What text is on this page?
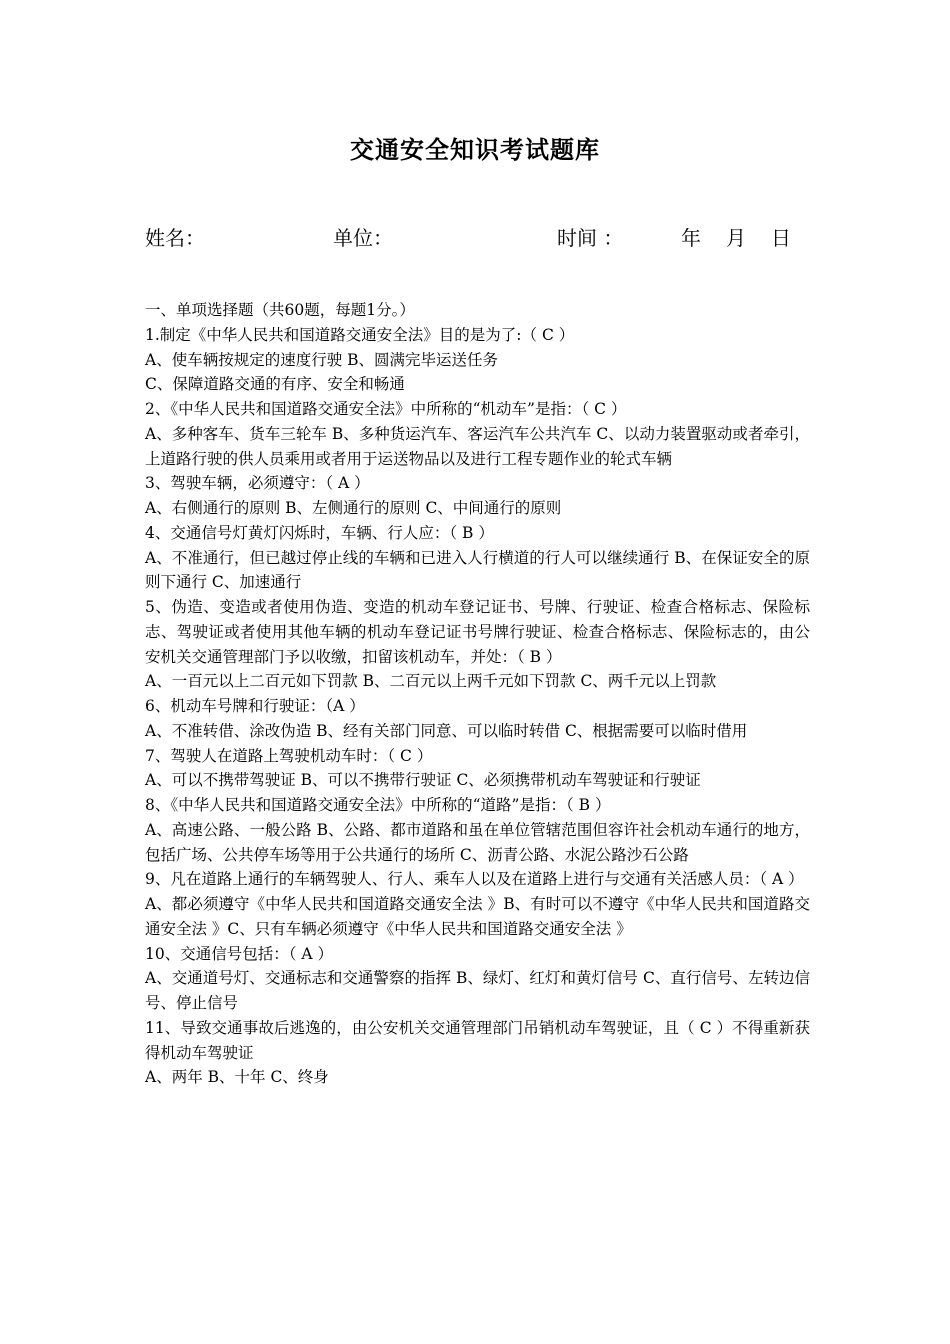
交通安全知识考试题库
姓名：	单位：	时间 ：	年 月 日

一、单项选择题（共60题，每题1分。）

1.制定《中华人民共和国道路交通安全法》目的是为了:（ C ）

A、使车辆按规定的速度行驶 B、圆满完毕运送任务

C、保障道路交通的有序、安全和畅通

2、《中华人民共和国道路交通安全法》中所称的“机动车”是指：（ C ）

A、多种客车、货车三轮车 B、多种货运汽车、客运汽车公共汽车 C、以动力装置驱动或者牵引，上道路行驶的供人员乘用或者用于运送物品以及进行工程专题作业的轮式车辆

3、驾驶车辆，必须遵守：（ A ）

A、右侧通行的原则 B、左侧通行的原则 C、中间通行的原则

4、交通信号灯黄灯闪烁时，车辆、行人应：（ B ）

A、不准通行，但已越过停止线的车辆和已进入人行横道的行人可以继续通行 B、在保证安全的原则下通行 C、加速通行

5、伪造、变造或者使用伪造、变造的机动车登记证书、号牌、行驶证、检查合格标志、保险标志、驾驶证或者使用其他车辆的机动车登记证书号牌行驶证、检查合格标志、保险标志的，由公安机关交通管理部门予以收缴，扣留该机动车，并处：（ B ）

A、一百元以上二百元如下罚款 B、二百元以上两千元如下罚款 C、两千元以上罚款

6、机动车号牌和行驶证：（A ）

A、不准转借、涂改伪造 B、经有关部门同意、可以临时转借 C、根据需要可以临时借用

7、驾驶人在道路上驾驶机动车时：（ C ）

A、可以不携带驾驶证 B、可以不携带行驶证 C、必须携带机动车驾驶证和行驶证

8、《中华人民共和国道路交通安全法》中所称的“道路”是指：（ B ）

A、高速公路、一般公路 B、公路、都市道路和虽在单位管辖范围但容许社会机动车通行的地方，包括广场、公共停车场等用于公共通行的场所 C、沥青公路、水泥公路沙石公路

9、凡在道路上通行的车辆驾驶人、行人、乘车人以及在道路上进行与交通有关活感人员：（ A ）

A、都必须遵守《中华人民共和国道路交通安全法 》B、有时可以不遵守《中华人民共和国道路交通安全法 》C、只有车辆必须遵守《中华人民共和国道路交通安全法 》

10、交通信号包括：（ A ）

A、交通道号灯、交通标志和交通警察的指挥 B、绿灯、红灯和黄灯信号 C、直行信号、左转边信号、停止信号

11、导致交通事故后逃逸的，由公安机关交通管理部门吊销机动车驾驶证，且（ C ）不得重新获得机动车驾驶证

A、两年 B、十年 C、终身
